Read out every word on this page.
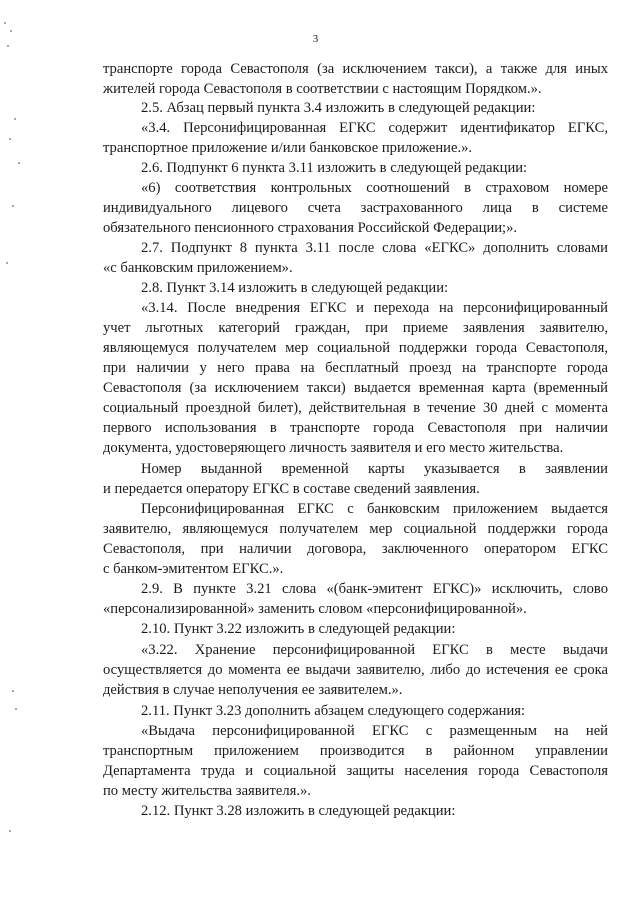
3
транспорте города Севастополя (за исключением такси), а также для иных
жителей города Севастополя в соответствии с настоящим Порядком.».
2.5. Абзац первый пункта 3.4 изложить в следующей редакции:
«3.4. Персонифицированная ЕГКС содержит идентификатор ЕГКС,
транспортное приложение и/или банковское приложение.».
2.6. Подпункт 6 пункта 3.11 изложить в следующей редакции:
«6) соответствия контрольных соотношений в страховом номере
индивидуального лицевого счета застрахованного лица в системе
обязательного пенсионного страхования Российской Федерации;».
2.7. Подпункт 8 пункта 3.11 после слова «ЕГКС» дополнить словами
«с банковским приложением».
2.8. Пункт 3.14 изложить в следующей редакции:
«3.14. После внедрения ЕГКС и перехода на персонифицированный
учет льготных категорий граждан, при приеме заявления заявителю,
являющемуся получателем мер социальной поддержки города Севастополя,
при наличии у него права на бесплатный проезд на транспорте города
Севастополя (за исключением такси) выдается временная карта (временный
социальный проездной билет), действительная в течение 30 дней с момента
первого использования в транспорте города Севастополя при наличии
документа, удостоверяющего личность заявителя и его место жительства.
Номер выданной временной карты указывается в заявлении
и передается оператору ЕГКС в составе сведений заявления.
Персонифицированная ЕГКС с банковским приложением выдается
заявителю, являющемуся получателем мер социальной поддержки города
Севастополя, при наличии договора, заключенного оператором ЕГКС
с банком-эмитентом ЕГКС.».
2.9. В пункте 3.21 слова «(банк-эмитент ЕГКС)» исключить, слово
«персонализированной» заменить словом «персонифицированной».
2.10. Пункт 3.22 изложить в следующей редакции:
«3.22. Хранение персонифицированной ЕГКС в месте выдачи
осуществляется до момента ее выдачи заявителю, либо до истечения ее срока
действия в случае неполучения ее заявителем.».
2.11. Пункт 3.23 дополнить абзацем следующего содержания:
«Выдача персонифицированной ЕГКС с размещенным на ней
транспортным приложением производится в районном управлении
Департамента труда и социальной защиты населения города Севастополя
по месту жительства заявителя.».
2.12. Пункт 3.28 изложить в следующей редакции:
